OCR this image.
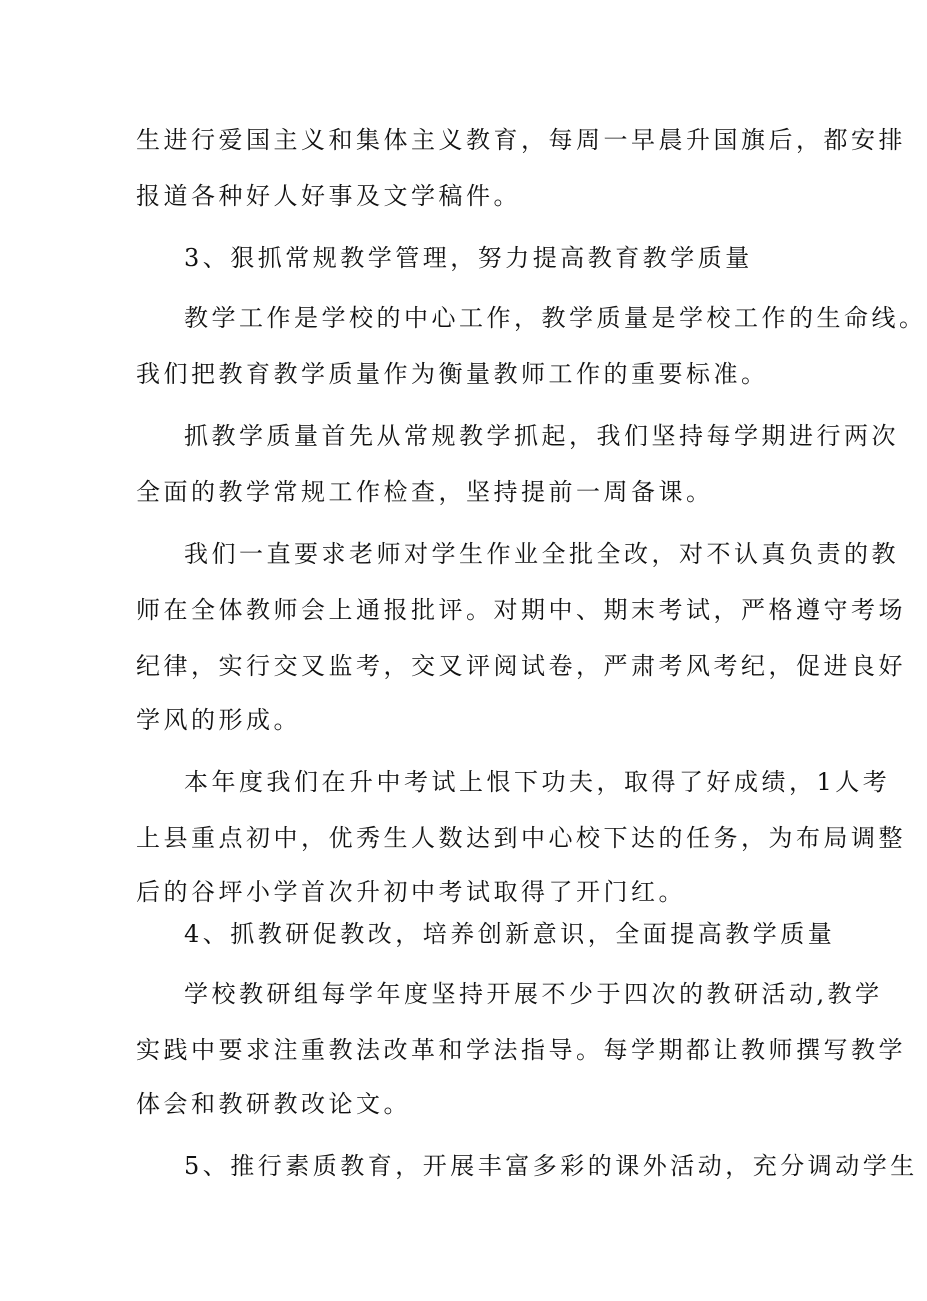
生进行爱国主义和集体主义教育，每周一早晨升国旗后，都安排
报道各种好人好事及文学稿件。
3、狠抓常规教学管理，努力提高教育教学质量
教学工作是学校的中心工作，教学质量是学校工作的生命线。
我们把教育教学质量作为衡量教师工作的重要标准。
抓教学质量首先从常规教学抓起，我们坚持每学期进行两次
全面的教学常规工作检查，坚持提前一周备课。
我们一直要求老师对学生作业全批全改，对不认真负责的教
师在全体教师会上通报批评。对期中、期末考试，严格遵守考场
纪律，实行交叉监考，交叉评阅试卷，严肃考风考纪，促进良好
学风的形成。
本年度我们在升中考试上恨下功夫，取得了好成绩，1人考
上县重点初中，优秀生人数达到中心校下达的任务，为布局调整
后的谷坪小学首次升初中考试取得了开门红。
4、抓教研促教改，培养创新意识，全面提高教学质量
学校教研组每学年度坚持开展不少于四次的教研活动,教学
实践中要求注重教法改革和学法指导。每学期都让教师撰写教学
体会和教研教改论文。
5、推行素质教育，开展丰富多彩的课外活动，充分调动学生
